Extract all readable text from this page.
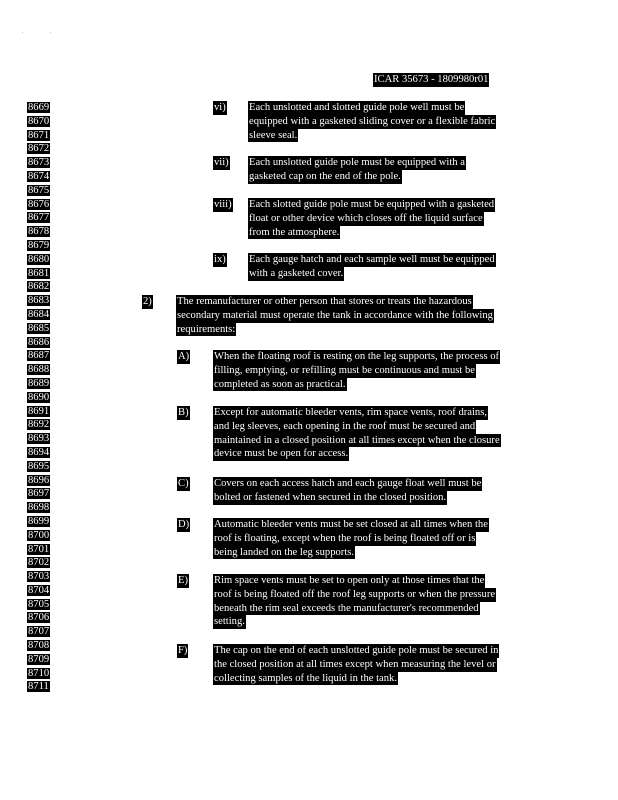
'                  '
ICAR 35673 - 1809980r01
8669
8670
8671
8672
8673
8674
8675
8676
8677
8678
8679
8680
8681
8682
8683
8684
8685
8686
8687
8688
8689
8690
8691
8692
8693
8694
8695
8696
8697
8698
8699
8700
8701
8702
8703
8704
8705
8706
8707
8708
8709
8710
8711
vi) Each unslotted and slotted guide pole well must be
equipped with a gasketed sliding cover or a flexible fabric
sleeve seal.
vii) Each unslotted guide pole must be equipped with a
gasketed cap on the end of the pole.
viii) Each slotted guide pole must be equipped with a gasketed
float or other device which closes off the liquid surface
from the atmosphere.
ix) Each gauge hatch and each sample well must be equipped
with a gasketed cover.
2) The remanufacturer or other person that stores or treats the hazardous
secondary material must operate the tank in accordance with the following
requirements:
A) When the floating roof is resting on the leg supports, the process of
filling, emptying, or refilling must be continuous and must be
completed as soon as practical.
B) Except for automatic bleeder vents, rim space vents, roof drains,
and leg sleeves, each opening in the roof must be secured and
maintained in a closed position at all times except when the closure
device must be open for access.
C) Covers on each access hatch and each gauge float well must be
bolted or fastened when secured in the closed position.
D) Automatic bleeder vents must be set closed at all times when the
roof is floating, except when the roof is being floated off or is
being landed on the leg supports.
E) Rim space vents must be set to open only at those times that the
roof is being floated off the roof leg supports or when the pressure
beneath the rim seal exceeds the manufacturer's recommended
setting.
F)	The cap on the end of each unslotted guide pole must be secured in
the closed position at all times except when measuring the level or
collecting samples of the liquid in the tank.
